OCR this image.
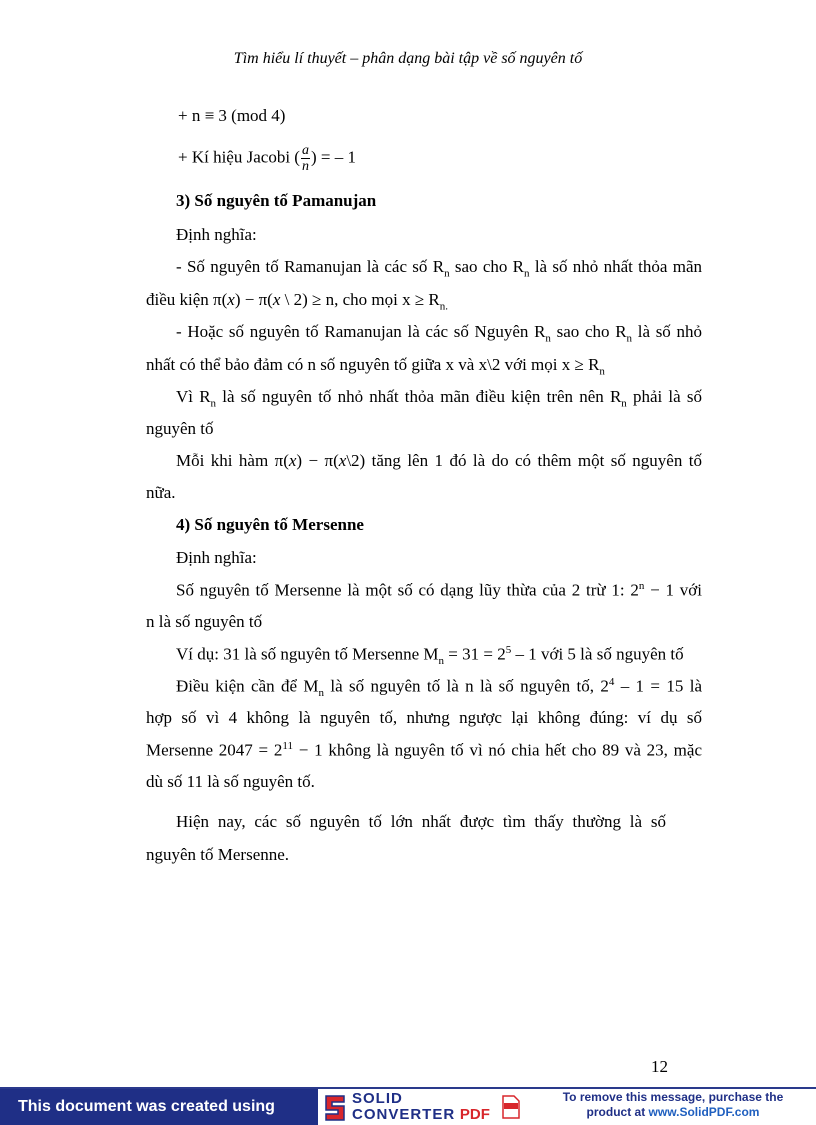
Tìm hiểu lí thuyết – phân dạng bài tập về số nguyên tố
+ n ≡ 3 (mod 4)
+ Kí hiệu Jacobi ( $\frac{a}{n}$ ) = – 1
3) Số nguyên tố Pamanujan
Định nghĩa:
- Số nguyên tố Ramanujan là các số $R_n$ sao cho $R_n$ là số nhỏ nhất thỏa mãn
điều kiện π(x) − π(x \ 2) ≥ n, cho mọi $x \ge R_{n.}$
- Hoặc số nguyên tố Ramanujan là các số Nguyên $R_n$ sao cho $R_n$ là số nhỏ
nhất có thể bảo đảm có n số nguyên tố giữa x và x\2 với mọi $x \ge R_n$
Vì $R_n$ là số nguyên tố nhỏ nhất thỏa mãn điều kiện trên nên $R_n$ phải là số
nguyên tố
Mỗi khi hàm π(x) − π(x\2) tăng lên 1 đó là do có thêm một số nguyên tố
nữa.
4) Số nguyên tố Mersenne
Định nghĩa:
Số nguyên tố Mersenne là một số có dạng lũy thừa của 2 trừ 1: $2^n - 1$ với
n là số nguyên tố
Ví dụ: 31 là số nguyên tố Mersenne $M_n = 31 = 2^5 - 1$ với 5 là số nguyên tố
Điều kiện cần để $M_n$ là số nguyên tố là n là số nguyên tố, $2^4 - 1 = 15$ là
hợp số vì 4 không là nguyên tố, nhưng ngược lại không đúng: ví dụ số
Mersenne $2047 = 2^{11} - 1$ không là nguyên tố vì nó chia hết cho 89 và 23, mặc
dù số 11 là số nguyên tố.
Hiện nay, các số nguyên tố lớn nhất được tìm thấy thường là số
nguyên tố Mersenne.
12
This document was created using	SOLID
CONVERTER PDF
To remove this message, purchase the
product at www.SolidPDF.com
